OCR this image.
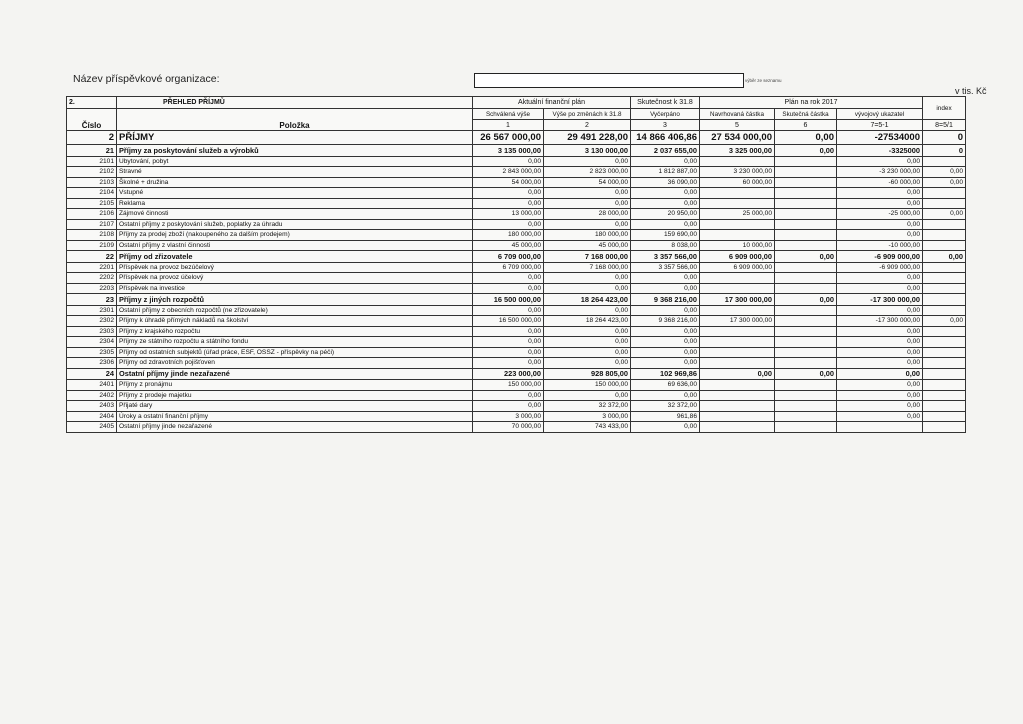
Název příspěvkové organizace:	výběr ze seznamu
v tis. Kč
2.	PŘEHLED PŘÍJMŮ	Aktuální finanční plán		Skutečnost k 31.8	Plán na rok 2017			index
Číslo	Položka	Schválená výše	Výše po změnách k 31.8	Vyčerpáno	Navrhovaná částka	Skutečná částka	vývojový ukazatel	
		1	2	3	5	6	7=5-1	8=5/1
2	PŘÍJMY	26 567 000,00	29 491 228,00	14 866 406,86	27 534 000,00	0,00	-27534000	0
21	Příjmy za poskytování služeb a výrobků	3 135 000,00	3 130 000,00	2 037 655,00	3 325 000,00	0,00	-3325000	0
2101	Ubytování, pobyt	0,00	0,00	0,00			0,00	
2102	Stravné	2 843 000,00	2 823 000,00	1 812 887,00	3 230 000,00		-3 230 000,00	0,00
2103	Školné + družina	54 000,00	54 000,00	36 090,00	60 000,00		-60 000,00	0,00
2104	Vstupné	0,00	0,00	0,00			0,00	
2105	Reklama	0,00	0,00	0,00			0,00	
2106	Zájmové činnosti	13 000,00	28 000,00	20 950,00	25 000,00		-25 000,00	0,00
2107	Ostatní příjmy z poskytování služeb, poplatky za úhradu	0,00	0,00	0,00			0,00	
2108	Příjmy za prodej zboží (nakoupeného za dalším prodejem)	180 000,00	180 000,00	159 690,00			0,00	
2109	Ostatní příjmy z vlastní činnosti	45 000,00	45 000,00	8 038,00	10 000,00		-10 000,00	
22	Příjmy od zřizovatele	6 709 000,00	7 168 000,00	3 357 566,00	6 909 000,00	0,00	-6 909 000,00	0,00
2201	Příspěvek na provoz bezúčelový	6 709 000,00	7 168 000,00	3 357 566,00	6 909 000,00		-6 909 000,00	
2202	Příspěvek na provoz účelový	0,00	0,00	0,00			0,00	
2203	Příspěvek na investice	0,00	0,00	0,00			0,00	
23	Příjmy z jiných rozpočtů	16 500 000,00	18 264 423,00	9 368 216,00	17 300 000,00	0,00	-17 300 000,00	
2301	Ostatní příjmy z obecních rozpočtů (ne zřizovatele)	0,00	0,00	0,00			0,00	
2302	Příjmy k úhradě přímých nákladů na školství	16 500 000,00	18 264 423,00	9 368 216,00	17 300 000,00		-17 300 000,00	0,00
2303	Příjmy z krajského rozpočtu	0,00	0,00	0,00			0,00	
2304	Příjmy ze státního rozpočtu a státního fondu	0,00	0,00	0,00			0,00	
2305	Příjmy od ostatních subjektů (úřad práce, ESF, OSSZ - příspěvky na péči)	0,00	0,00	0,00			0,00	
2306	Příjmy od zdravotních pojišťoven	0,00	0,00	0,00			0,00	
24	Ostatní příjmy jinde nezařazené	223 000,00	928 805,00	102 969,86	0,00	0,00	0,00	
2401	Příjmy z pronájmu	150 000,00	150 000,00	69 636,00			0,00	
2402	Příjmy z prodeje majetku	0,00	0,00	0,00			0,00	
2403	Přijaté dary	0,00	32 372,00	32 372,00			0,00	
2404	Úroky a ostatní finanční příjmy	3 000,00	3 000,00	961,86			0,00	
2405	Ostatní příjmy jinde nezařazené	70 000,00	743 433,00	0,00				
